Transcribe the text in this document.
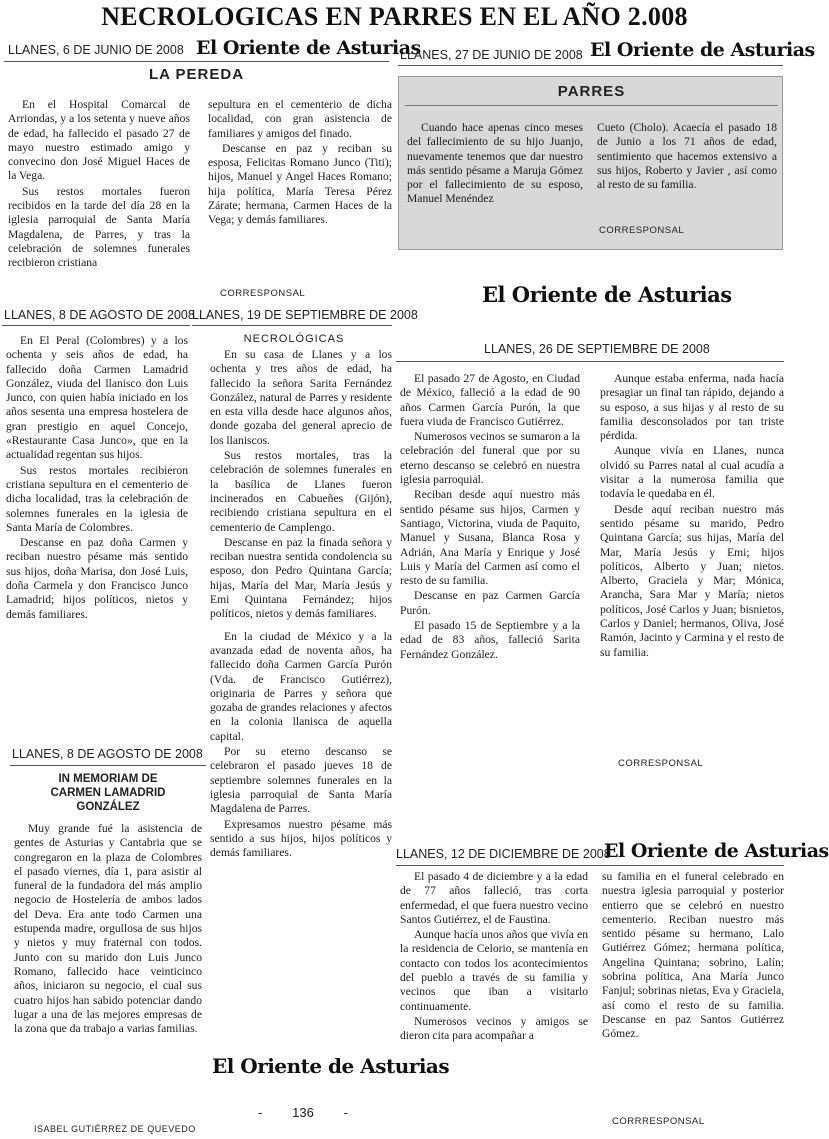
NECROLOGICAS EN PARRES EN EL AÑO 2.008
LLANES, 6 DE JUNIO DE 2008 El Oriente de Asturias
LA PEREDA

En el Hospital Comarcal de Arriondas, y a los setenta y nueve años de edad, ha fallecido el pasado 27 de mayo nuestro estimado amigo y convecino don José Miguel Haces de la Vega.

Sus restos mortales fueron recibidos en la tarde del día 28 en la iglesia parroquial de Santa María Magdalena, de Parres, y tras la celebración de solemnes funerales recibieron cristiana

sepultura en el cementerio de dicha localidad, con gran asistencia de familiares y amigos del finado.

Descanse en paz y reciban su esposa, Felicitas Romano Junco (Titi); hijos, Manuel y Angel Haces Romano; hija política, María Teresa Pérez Zárate; hermana, Carmen Haces de la Vega; y demás familiares.

CORRESPONSAL
LLANES, 27 DE JUNIO DE 2008 El Oriente de Asturias
PARRES

Cuando hace apenas cinco meses del fallecimiento de su hijo Juanjo, nuevamente tenemos que dar nuestro más sentido pésame a Maruja Gómez por el fallecimiento de su esposo, Manuel Menéndez

Cueto (Cholo). Acaecía el pasado 18 de Junio a los 71 años de edad, sentimiento que hacemos extensivo a sus hijos, Roberto y Javier , así como al resto de su familia.

CORRESPONSAL
El Oriente de Asturias
LLANES, 8 DE AGOSTO DE 2008

En El Peral (Colombres) y a los ochenta y seis años de edad, ha fallecido doña Carmen Lamadrid González, viuda del llanisco don Luis Junco, con quien había iniciado en los años sesenta una empresa hostelera de gran prestigio en aquel Concejo, «Restaurante Casa Junco», que en la actualidad regentan sus hijos.

Sus restos mortales recibieron cristiana sepultura en el cementerio de dicha localidad, tras la celebración de solemnes funerales en la iglesia de Santa María de Colombres.

Descanse en paz doña Carmen y reciban nuestro pésame más sentido sus hijos, doña Marisa, don José Luis, doña Carmela y don Francisco Junco Lamadrid; hijos políticos, nietos y demás familiares.

LLANES, 19 DE SEPTIEMBRE DE 2008
NECROLÓGICAS

En su casa de Llanes y a los ochenta y tres años de edad, ha fallecido la señora Sarita Fernández González, natural de Parres y residente en esta villa desde hace algunos años, donde gozaba del general aprecio de los llaniscos.

Sus restos mortales, tras la celebración de solemnes funerales en la basílica de Llanes fueron incinerados en Cabueñes (Gijón), recibiendo cristiana sepultura en el cementerio de Camplengo.

Descanse en paz la finada señora y reciban nuestra sentida condolencia su esposo, don Pedro Quintana García; hijas, María del Mar, María Jesús y Emi Quintana Fernández; hijos políticos, nietos y demás familiares.

En la ciudad de México y a la avanzada edad de noventa años, ha fallecido doña Carmen García Purón (Vda. de Francisco Gutiérrez), originaria de Parres y señora que gozaba de grandes relaciones y afectos en la colonia llanisca de aquella capital.

Por su eterno descanso se celebraron el pasado jueves 18 de septiembre solemnes funerales en la iglesia parroquial de Santa María Magdalena de Parres.

Expresamos nuestro pésame más sentido a sus hijos, hijos políticos y demás familiares.

LLANES, 26 DE SEPTIEMBRE DE 2008

El pasado 27 de Agosto, en Ciudad de México, falleció a la edad de 90 años Carmen García Purón, la que fuera viuda de Francisco Gutiérrez.

Numerosos vecinos se sumaron a la celebración del funeral que por su eterno descanso se celebró en nuestra iglesia parroquial.

Reciban desde aquí nuestro más sentido pésame sus hijos, Carmen y Santiago, Victorina, viuda de Paquito, Manuel y Susana, Blanca Rosa y Adrián, Ana María y Enrique y José Luis y María del Carmen así como el resto de su familia.

Descanse en paz Carmen García Purón.

El pasado 15 de Septiembre y a la edad de 83 años, falleció Sarita Fernández González.

Aunque estaba enferma, nada hacía presagiar un final tan rápido, dejando a su esposo, a sus hijas y al resto de su familia desconsolados por tan triste pérdida.

Aunque vivía en Llanes, nunca olvidó su Parres natal al cual acudía a visitar a la numerosa familia que todavía le quedaba en él.

Desde aquí reciban nuestro más sentido pésame su marido, Pedro Quintana García; sus hijas, María del Mar, María Jesús y Emi; hijos políticos, Alberto y Juan; nietos. Alberto, Graciela y Mar; Mónica, Arancha, Sara Mar y María; nietos políticos, José Carlos y Juan; bisnietos, Carlos y Daniel; hermanos, Oliva, José Ramón, Jacinto y Carmina y el resto de su familia.

CORRESPONSAL
LLANES, 8 DE AGOSTO DE 2008
IN MEMORIAM DE
CARMEN LAMADRID
GONZÁLEZ

Muy grande fué la asistencia de gentes de Asturias y Cantabria que se congregaron en la plaza de Colombres el pasado viernes, día 1, para asistir al funeral de la fundadora del más amplio negocio de Hostelería de ambos lados del Deva. Era ante todo Carmen una estupenda madre, orgullosa de sus hijos y nietos y muy fraternal con todos. Junto con su marido don Luis Junco Romano, fallecido hace veinticinco años, iniciaron su negocio, el cual sus cuatro hijos han sabido potenciar dando lugar a una de las mejores empresas de la zona que da trabajo a varias familias.

ISABEL GUTIÉRREZ DE QUEVEDO
El Oriente de Asturias
- 136 -
LLANES, 12 DE DICIEMBRE DE 2008
El Oriente de Asturias

El pasado 4 de diciembre y a la edad de 77 años falleció, tras corta enfermedad, el que fuera nuestro vecino Santos Gutiérrez, el de Faustina.

Aunque hacía unos años que vivía en la residencia de Celorio, se mantenía en contacto con todos los acontecimientos del pueblo a través de su familia y vecinos que iban a visitarlo continuamente.

Numerosos vecinos y amigos se dieron cita para acompañar a

su familia en el funeral celebrado en nuestra iglesia parroquial y posterior entierro que se celebró en nuestro cementerio. Reciban nuestro más sentido pésame su hermano, Lalo Gutiérrez Gómez; hermana política, Angelina Quintana; sobrino, Lalín; sobrina política, Ana María Junco Fanjul; sobrinas nietas, Eva y Graciela, así como el resto de su familia. Descanse en paz Santos Gutiérrez Gómez.

CORRRESPONSAL
